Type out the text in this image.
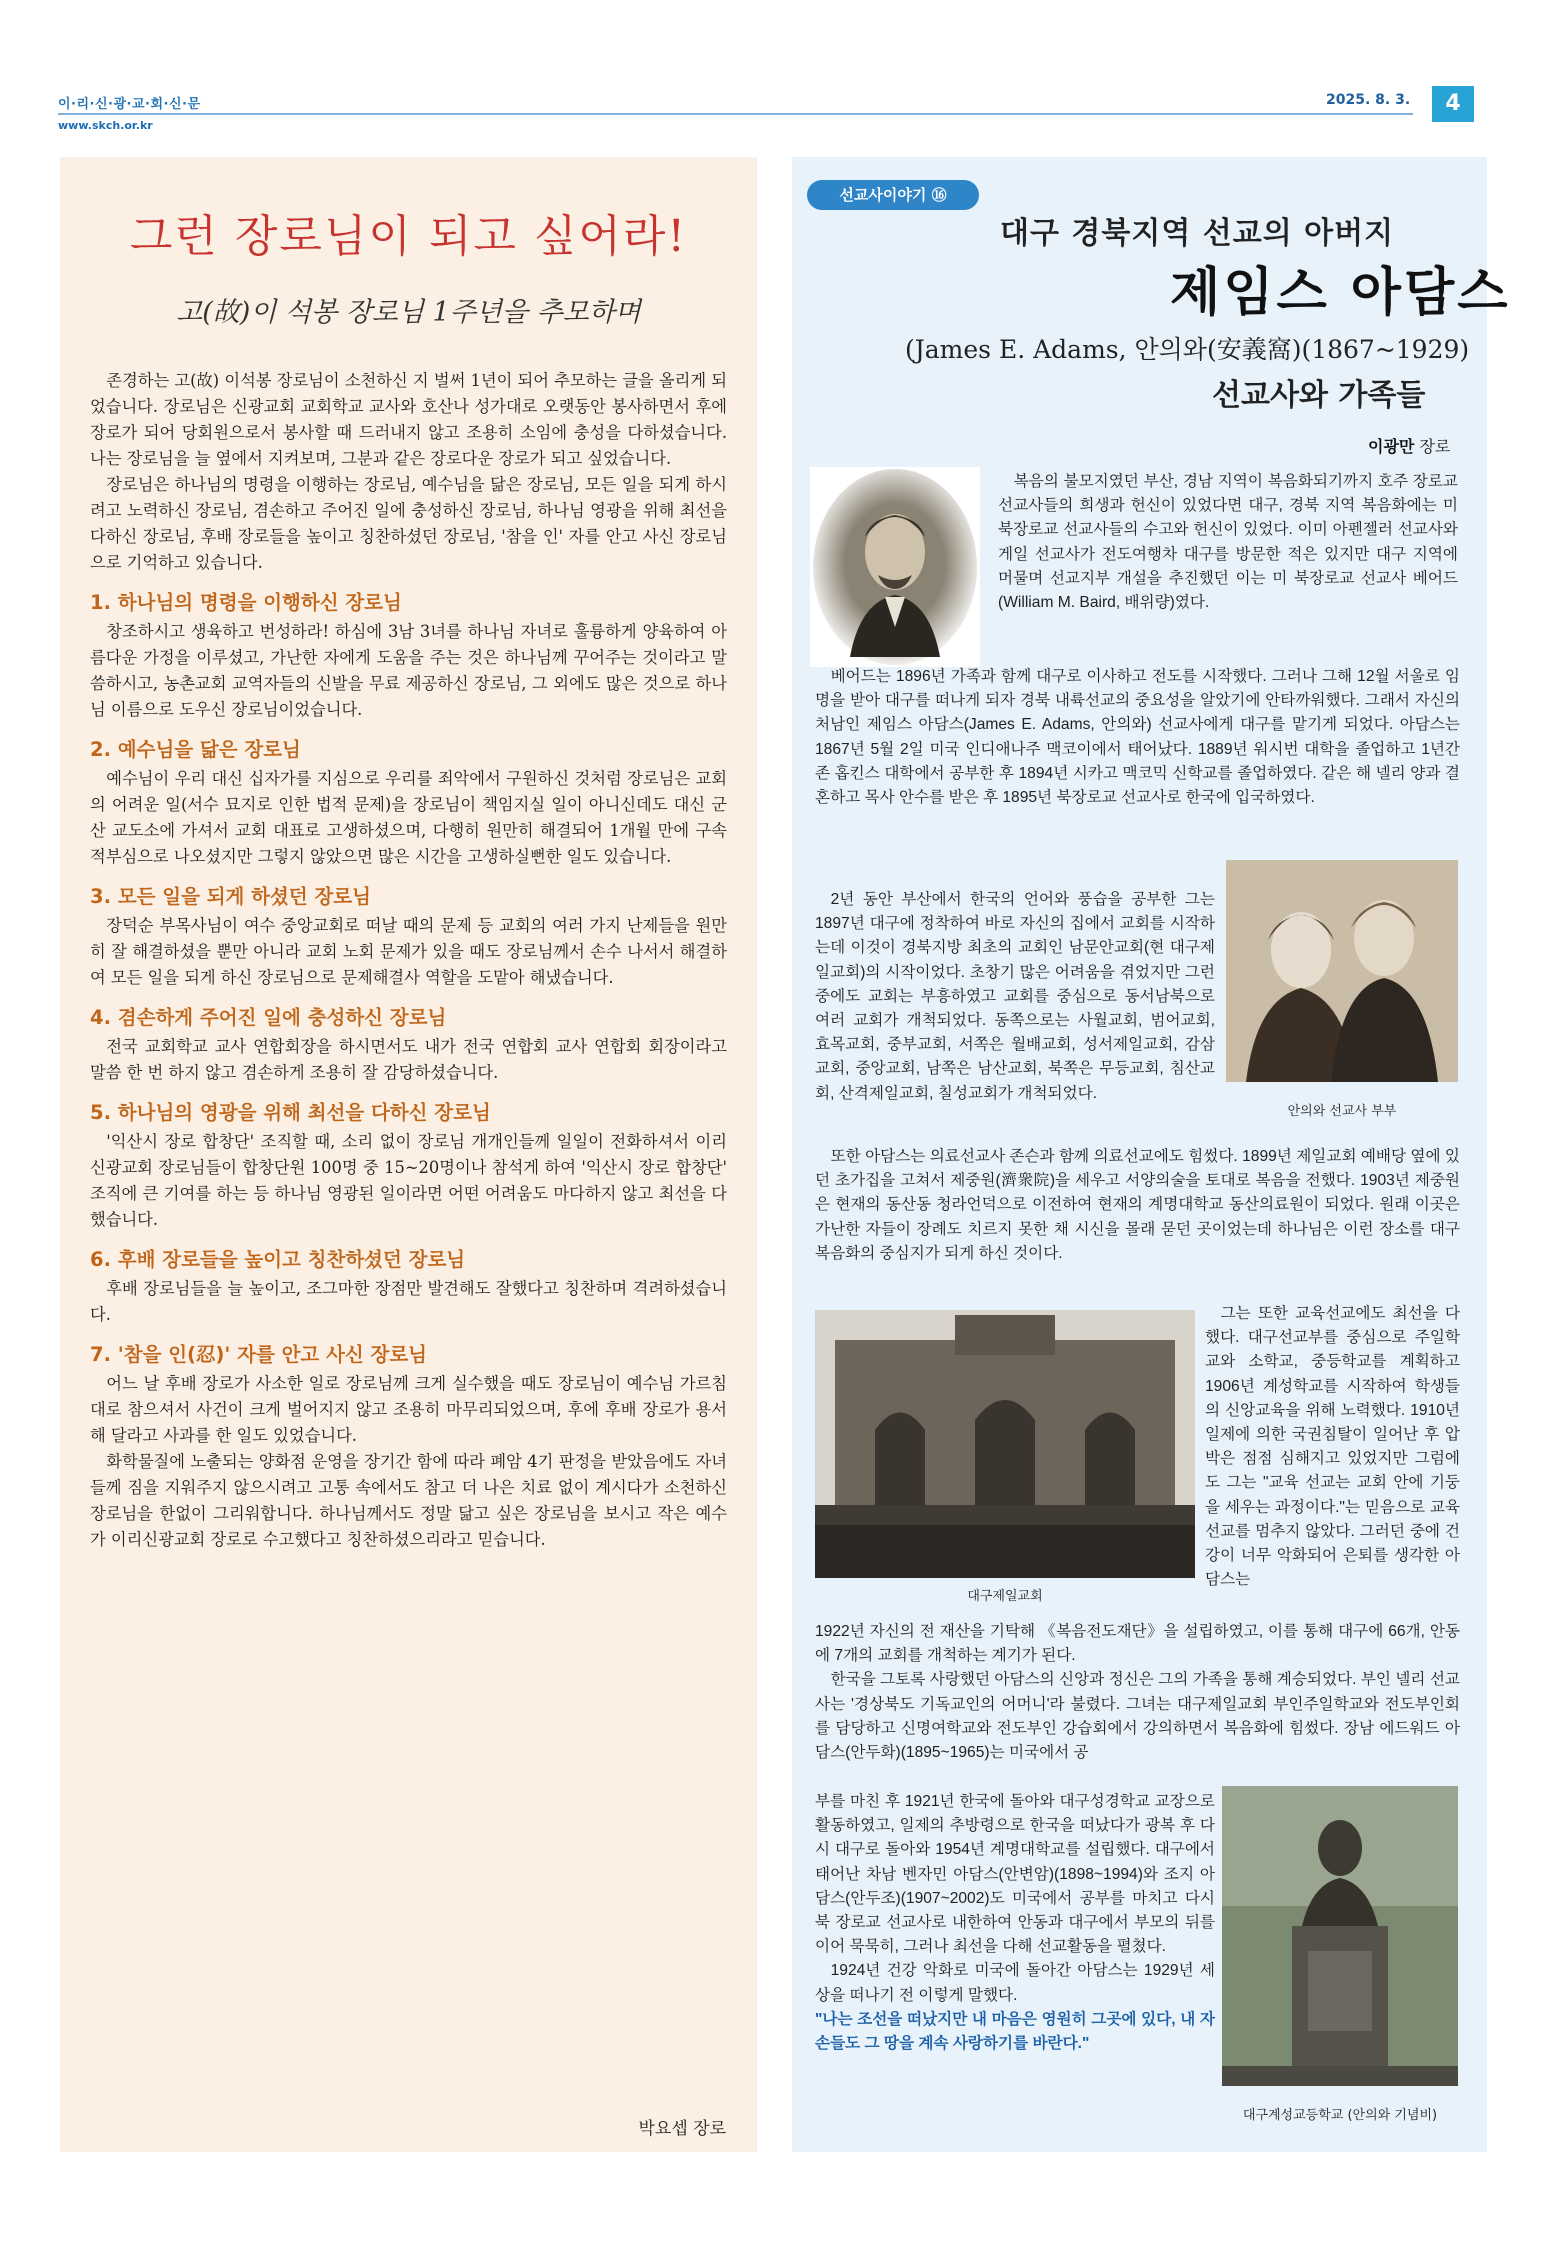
이·리·신·광·교·회·신·문
www.skch.or.kr
2025. 8. 3.	4
그런 장로님이 되고 싶어라!
고(故)이 석봉 장로님 1주년을 추모하며

존경하는 고(故) 이석봉 장로님이 소천하신 지 벌써 1년이 되어 추모하는 글을 올리게 되었습니다. 장로님은 신광교회 교회학교 교사와 호산나 성가대로 오랫동안 봉사하면서 후에 장로가 되어 당회원으로서 봉사할 때 드러내지 않고 조용히 소임에 충성을 다하셨습니다. 나는 장로님을 늘 옆에서 지켜보며, 그분과 같은 장로다운 장로가 되고 싶었습니다.

장로님은 하나님의 명령을 이행하는 장로님, 예수님을 닮은 장로님, 모든 일을 되게 하시려고 노력하신 장로님, 겸손하고 주어진 일에 충성하신 장로님, 하나님 영광을 위해 최선을 다하신 장로님, 후배 장로들을 높이고 칭찬하셨던 장로님, '참을 인' 자를 안고 사신 장로님으로 기억하고 있습니다.

1. 하나님의 명령을 이행하신 장로님

창조하시고 생육하고 번성하라! 하심에 3남 3녀를 하나님 자녀로 훌륭하게 양육하여 아름다운 가정을 이루셨고, 가난한 자에게 도움을 주는 것은 하나님께 꾸어주는 것이라고 말씀하시고, 농촌교회 교역자들의 신발을 무료 제공하신 장로님, 그 외에도 많은 것으로 하나님 이름으로 도우신 장로님이었습니다.

2. 예수님을 닮은 장로님

예수님이 우리 대신 십자가를 지심으로 우리를 죄악에서 구원하신 것처럼 장로님은 교회의 어려운 일(서수 묘지로 인한 법적 문제)을 장로님이 책임지실 일이 아니신데도 대신 군산 교도소에 가셔서 교회 대표로 고생하셨으며, 다행히 원만히 해결되어 1개월 만에 구속적부심으로 나오셨지만 그렇지 않았으면 많은 시간을 고생하실뻔한 일도 있습니다.

3. 모든 일을 되게 하셨던 장로님

장덕순 부목사님이 여수 중앙교회로 떠날 때의 문제 등 교회의 여러 가지 난제들을 원만히 잘 해결하셨을 뿐만 아니라 교회 노회 문제가 있을 때도 장로님께서 손수 나서서 해결하여 모든 일을 되게 하신 장로님으로 문제해결사 역할을 도맡아 해냈습니다.

4. 겸손하게 주어진 일에 충성하신 장로님

전국 교회학교 교사 연합회장을 하시면서도 내가 전국 연합회 교사 연합회 회장이라고 말씀 한 번 하지 않고 겸손하게 조용히 잘 감당하셨습니다.

5. 하나님의 영광을 위해 최선을 다하신 장로님

'익산시 장로 합창단' 조직할 때, 소리 없이 장로님 개개인들께 일일이 전화하셔서 이리신광교회 장로님들이 합창단원 100명 중 15~20명이나 참석게 하여 '익산시 장로 합창단' 조직에 큰 기여를 하는 등 하나님 영광된 일이라면 어떤 어려움도 마다하지 않고 최선을 다했습니다.

6. 후배 장로들을 높이고 칭찬하셨던 장로님

후배 장로님들을 늘 높이고, 조그마한 장점만 발견해도 잘했다고 칭찬하며 격려하셨습니다.

7. '참을 인(忍)' 자를 안고 사신 장로님

어느 날 후배 장로가 사소한 일로 장로님께 크게 실수했을 때도 장로님이 예수님 가르침대로 참으셔서 사건이 크게 벌어지지 않고 조용히 마무리되었으며, 후에 후배 장로가 용서해 달라고 사과를 한 일도 있었습니다.

화학물질에 노출되는 양화점 운영을 장기간 함에 따라 폐암 4기 판정을 받았음에도 자녀들께 짐을 지워주지 않으시려고 고통 속에서도 참고 더 나은 치료 없이 계시다가 소천하신 장로님을 한없이 그리워합니다. 하나님께서도 정말 닮고 싶은 장로님을 보시고 작은 예수가 이리신광교회 장로로 수고했다고 칭찬하셨으리라고 믿습니다.

박요셉 장로
선교사이야기 ⑯
대구 경북지역 선교의 아버지
제임스 아담스
(James E. Adams, 안의와(安義窩)(1867~1929)
선교사와 가족들
이광만 장로

복음의 불모지였던 부산, 경남 지역이 복음화되기까지 호주 장로교 선교사들의 희생과 헌신이 있었다면 대구, 경북 지역 복음화에는 미 북장로교 선교사들의 수고와 헌신이 있었다. 이미 아펜젤러 선교사와 게일 선교사가 전도여행차 대구를 방문한 적은 있지만 대구 지역에 머물며 선교지부 개설을 추진했던 이는 미 북장로교 선교사 베어드(William M. Baird, 배위량)였다.

베어드는 1896년 가족과 함께 대구로 이사하고 전도를 시작했다. 그러나 그해 12월 서울로 임명을 받아 대구를 떠나게 되자 경북 내륙선교의 중요성을 알았기에 안타까워했다. 그래서 자신의 처남인 제임스 아담스(James E. Adams, 안의와) 선교사에게 대구를 맡기게 되었다. 아담스는 1867년 5월 2일 미국 인디애나주 맥코이에서 태어났다. 1889년 워시번 대학을 졸업하고 1년간 존 홉킨스 대학에서 공부한 후 1894년 시카고 맥코믹 신학교를 졸업하였다. 같은 해 넬리 양과 결혼하고 목사 안수를 받은 후 1895년 북장로교 선교사로 한국에 입국하였다.

안의와 선교사 부부

2년 동안 부산에서 한국의 언어와 풍습을 공부한 그는 1897년 대구에 정착하여 바로 자신의 집에서 교회를 시작하는데 이것이 경북지방 최초의 교회인 남문안교회(현 대구제일교회)의 시작이었다. 초창기 많은 어려움을 겪었지만 그런 중에도 교회는 부흥하였고 교회를 중심으로 동서남북으로 여러 교회가 개척되었다. 동쪽으로는 사월교회, 범어교회, 효목교회, 중부교회, 서쪽은 월배교회, 성서제일교회, 감삼교회, 중앙교회, 남쪽은 남산교회, 북쪽은 무등교회, 침산교회, 산격제일교회, 칠성교회가 개척되었다.

또한 아담스는 의료선교사 존슨과 함께 의료선교에도 힘썼다. 1899년 제일교회 예배당 옆에 있던 초가집을 고쳐서 제중원(濟衆院)을 세우고 서양의술을 토대로 복음을 전했다. 1903년 제중원은 현재의 동산동 청라언덕으로 이전하여 현재의 계명대학교 동산의료원이 되었다. 원래 이곳은 가난한 자들이 장례도 치르지 못한 채 시신을 몰래 묻던 곳이었는데 하나님은 이런 장소를 대구 복음화의 중심지가 되게 하신 것이다.

대구제일교회

그는 또한 교육선교에도 최선을 다했다. 대구선교부를 중심으로 주일학교와 소학교, 중등학교를 계획하고 1906년 계성학교를 시작하여 학생들의 신앙교육을 위해 노력했다. 1910년 일제에 의한 국권침탈이 일어난 후 압박은 점점 심해지고 있었지만 그럼에도 그는 "교육 선교는 교회 안에 기둥을 세우는 과정이다."는 믿음으로 교육 선교를 멈추지 않았다. 그러던 중에 건강이 너무 악화되어 은퇴를 생각한 아담스는

1922년 자신의 전 재산을 기탁해 《복음전도재단》을 설립하였고, 이를 통해 대구에 66개, 안동에 7개의 교회를 개척하는 계기가 된다.

한국을 그토록 사랑했던 아담스의 신앙과 정신은 그의 가족을 통해 계승되었다. 부인 넬리 선교사는 '경상북도 기독교인의 어머니'라 불렸다. 그녀는 대구제일교회 부인주일학교와 전도부인회를 담당하고 신명여학교와 전도부인 강습회에서 강의하면서 복음화에 힘썼다. 장남 에드워드 아담스(안두화)(1895~1965)는 미국에서 공

대구계성교등학교 (안의와 기념비)

부를 마친 후 1921년 한국에 돌아와 대구성경학교 교장으로 활동하였고, 일제의 추방령으로 한국을 떠났다가 광복 후 다시 대구로 돌아와 1954년 계명대학교를 설립했다. 대구에서 태어난 차남 벤자민 아담스(안변암)(1898~1994)와 조지 아담스(안두조)(1907~2002)도 미국에서 공부를 마치고 다시 북 장로교 선교사로 내한하여 안동과 대구에서 부모의 뒤를 이어 묵묵히, 그러나 최선을 다해 선교활동을 펼쳤다.

1924년 건강 악화로 미국에 돌아간 아담스는 1929년 세상을 떠나기 전 이렇게 말했다.

"나는 조선을 떠났지만 내 마음은 영원히 그곳에 있다, 내 자손들도 그 땅을 계속 사랑하기를 바란다."
